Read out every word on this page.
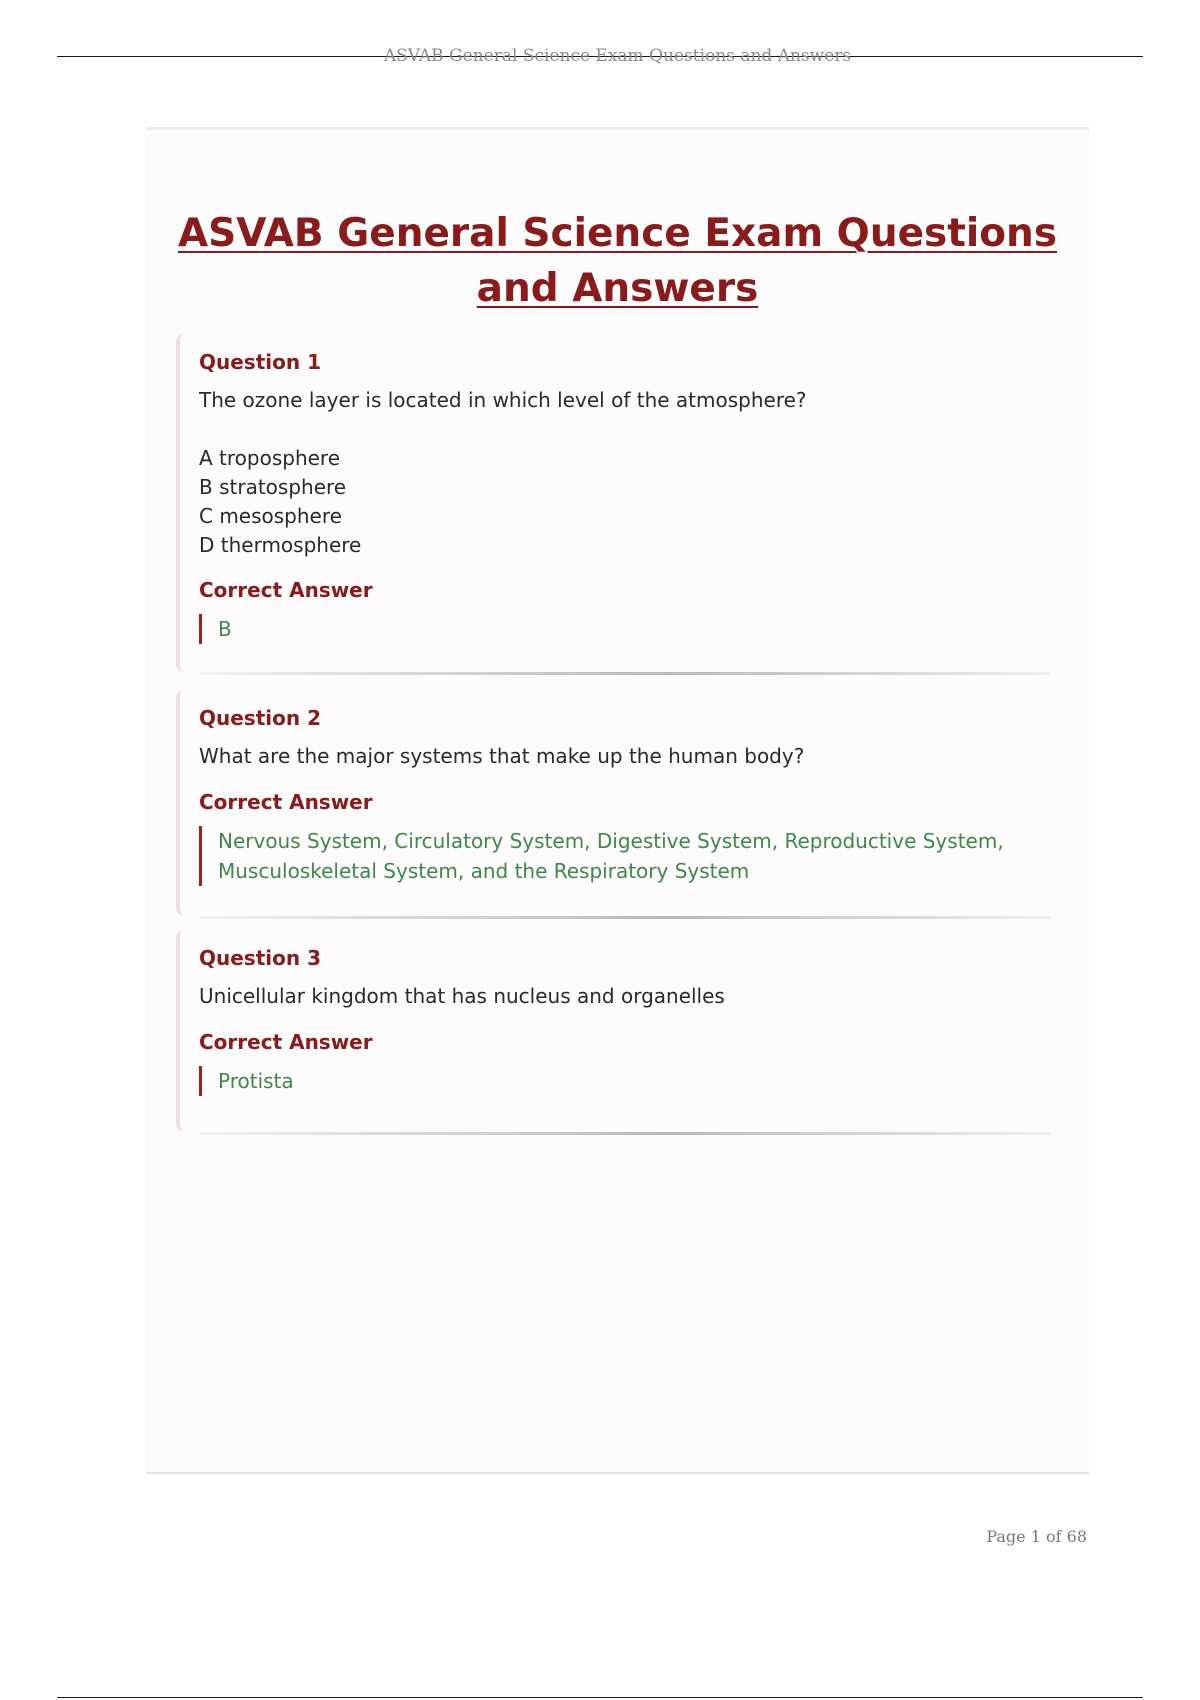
ASVAB General Science Exam Questions and Answers
ASVAB General Science Exam Questions and Answers
Question 1

The ozone layer is located in which level of the atmosphere?

A troposphere
B stratosphere
C mesosphere
D thermosphere
Correct Answer
B
Question 2

What are the major systems that make up the human body?

Correct Answer
Nervous System, Circulatory System, Digestive System, Reproductive System, Musculoskeletal System, and the Respiratory System
Question 3

Unicellular kingdom that has nucleus and organelles

Correct Answer
Protista
Page 1 of 68
